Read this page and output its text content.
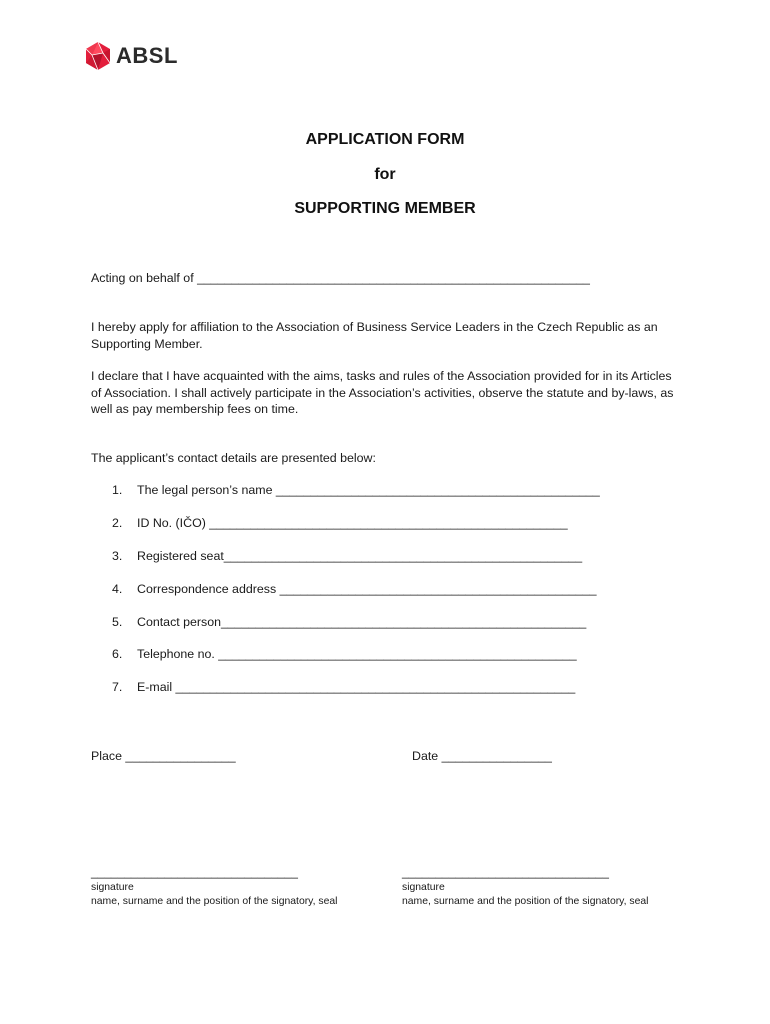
ABSL
APPLICATION FORM
for
SUPPORTING MEMBER
Acting on behalf of _________________________________________________________
I hereby apply for affiliation to the Association of Business Service Leaders in the Czech Republic as an Supporting Member.
I declare that I have acquainted with the aims, tasks and rules of the Association provided for in its Articles of Association. I shall actively participate in the Association’s activities, observe the statute and by-laws, as well as pay membership fees on time.
The applicant’s contact details are presented below:
1. The legal person’s name _______________________________________________
2. ID No. (IČO) ____________________________________________________
3. Registered seat____________________________________________________
4. Correspondence address ______________________________________________
5. Contact person_____________________________________________________
6. Telephone no. ____________________________________________________
7. E-mail __________________________________________________________
Place ________________	Date ________________
_______________________________
signature
name, surname and the position of the signatory, seal
_______________________________
signature
name, surname and the position of the signatory, seal
